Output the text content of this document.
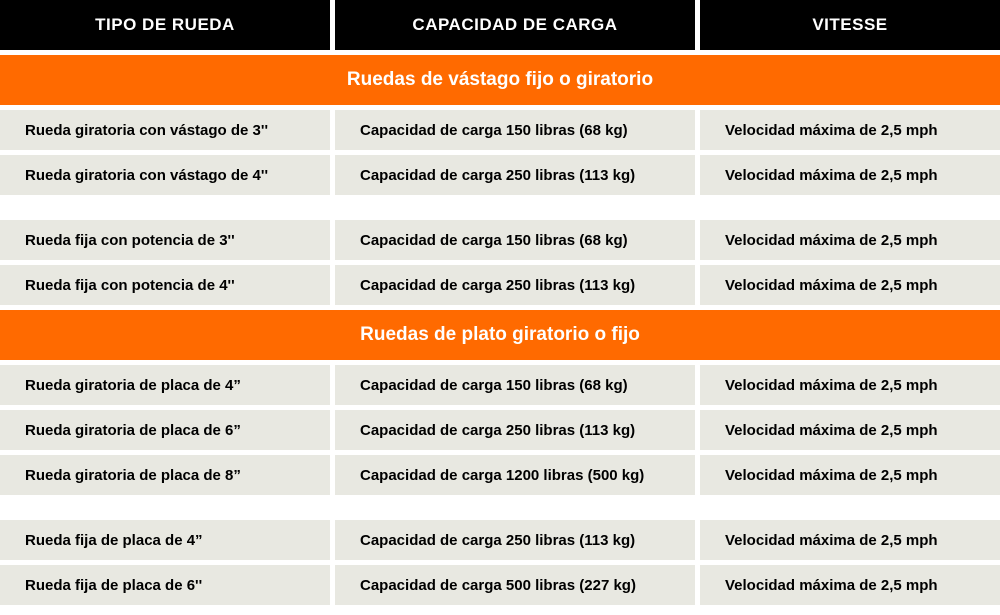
TIPO DE RUEDA	CAPACIDAD DE CARGA	VITESSE
Ruedas de vástago fijo o giratorio
Rueda giratoria con vástago de 3''	Capacidad de carga 150 libras (68 kg)	Velocidad máxima de 2,5 mph
Rueda giratoria con vástago de 4''	Capacidad de carga 250 libras (113 kg)	Velocidad máxima de 2,5 mph
Rueda fija con potencia de 3''	Capacidad de carga 150 libras (68 kg)	Velocidad máxima de 2,5 mph
Rueda fija con potencia de 4''	Capacidad de carga 250 libras (113 kg)	Velocidad máxima de 2,5 mph
Ruedas de plato giratorio o fijo
Rueda giratoria de placa de 4”	Capacidad de carga 150 libras (68 kg)	Velocidad máxima de 2,5 mph
Rueda giratoria de placa de 6”	Capacidad de carga 250 libras (113 kg)	Velocidad máxima de 2,5 mph
Rueda giratoria de placa de 8”	Capacidad de carga 1200 libras (500 kg)	Velocidad máxima de 2,5 mph
Rueda fija de placa de 4”	Capacidad de carga 250 libras (113 kg)	Velocidad máxima de 2,5 mph
Rueda fija de placa de 6''	Capacidad de carga 500 libras (227 kg)	Velocidad máxima de 2,5 mph
